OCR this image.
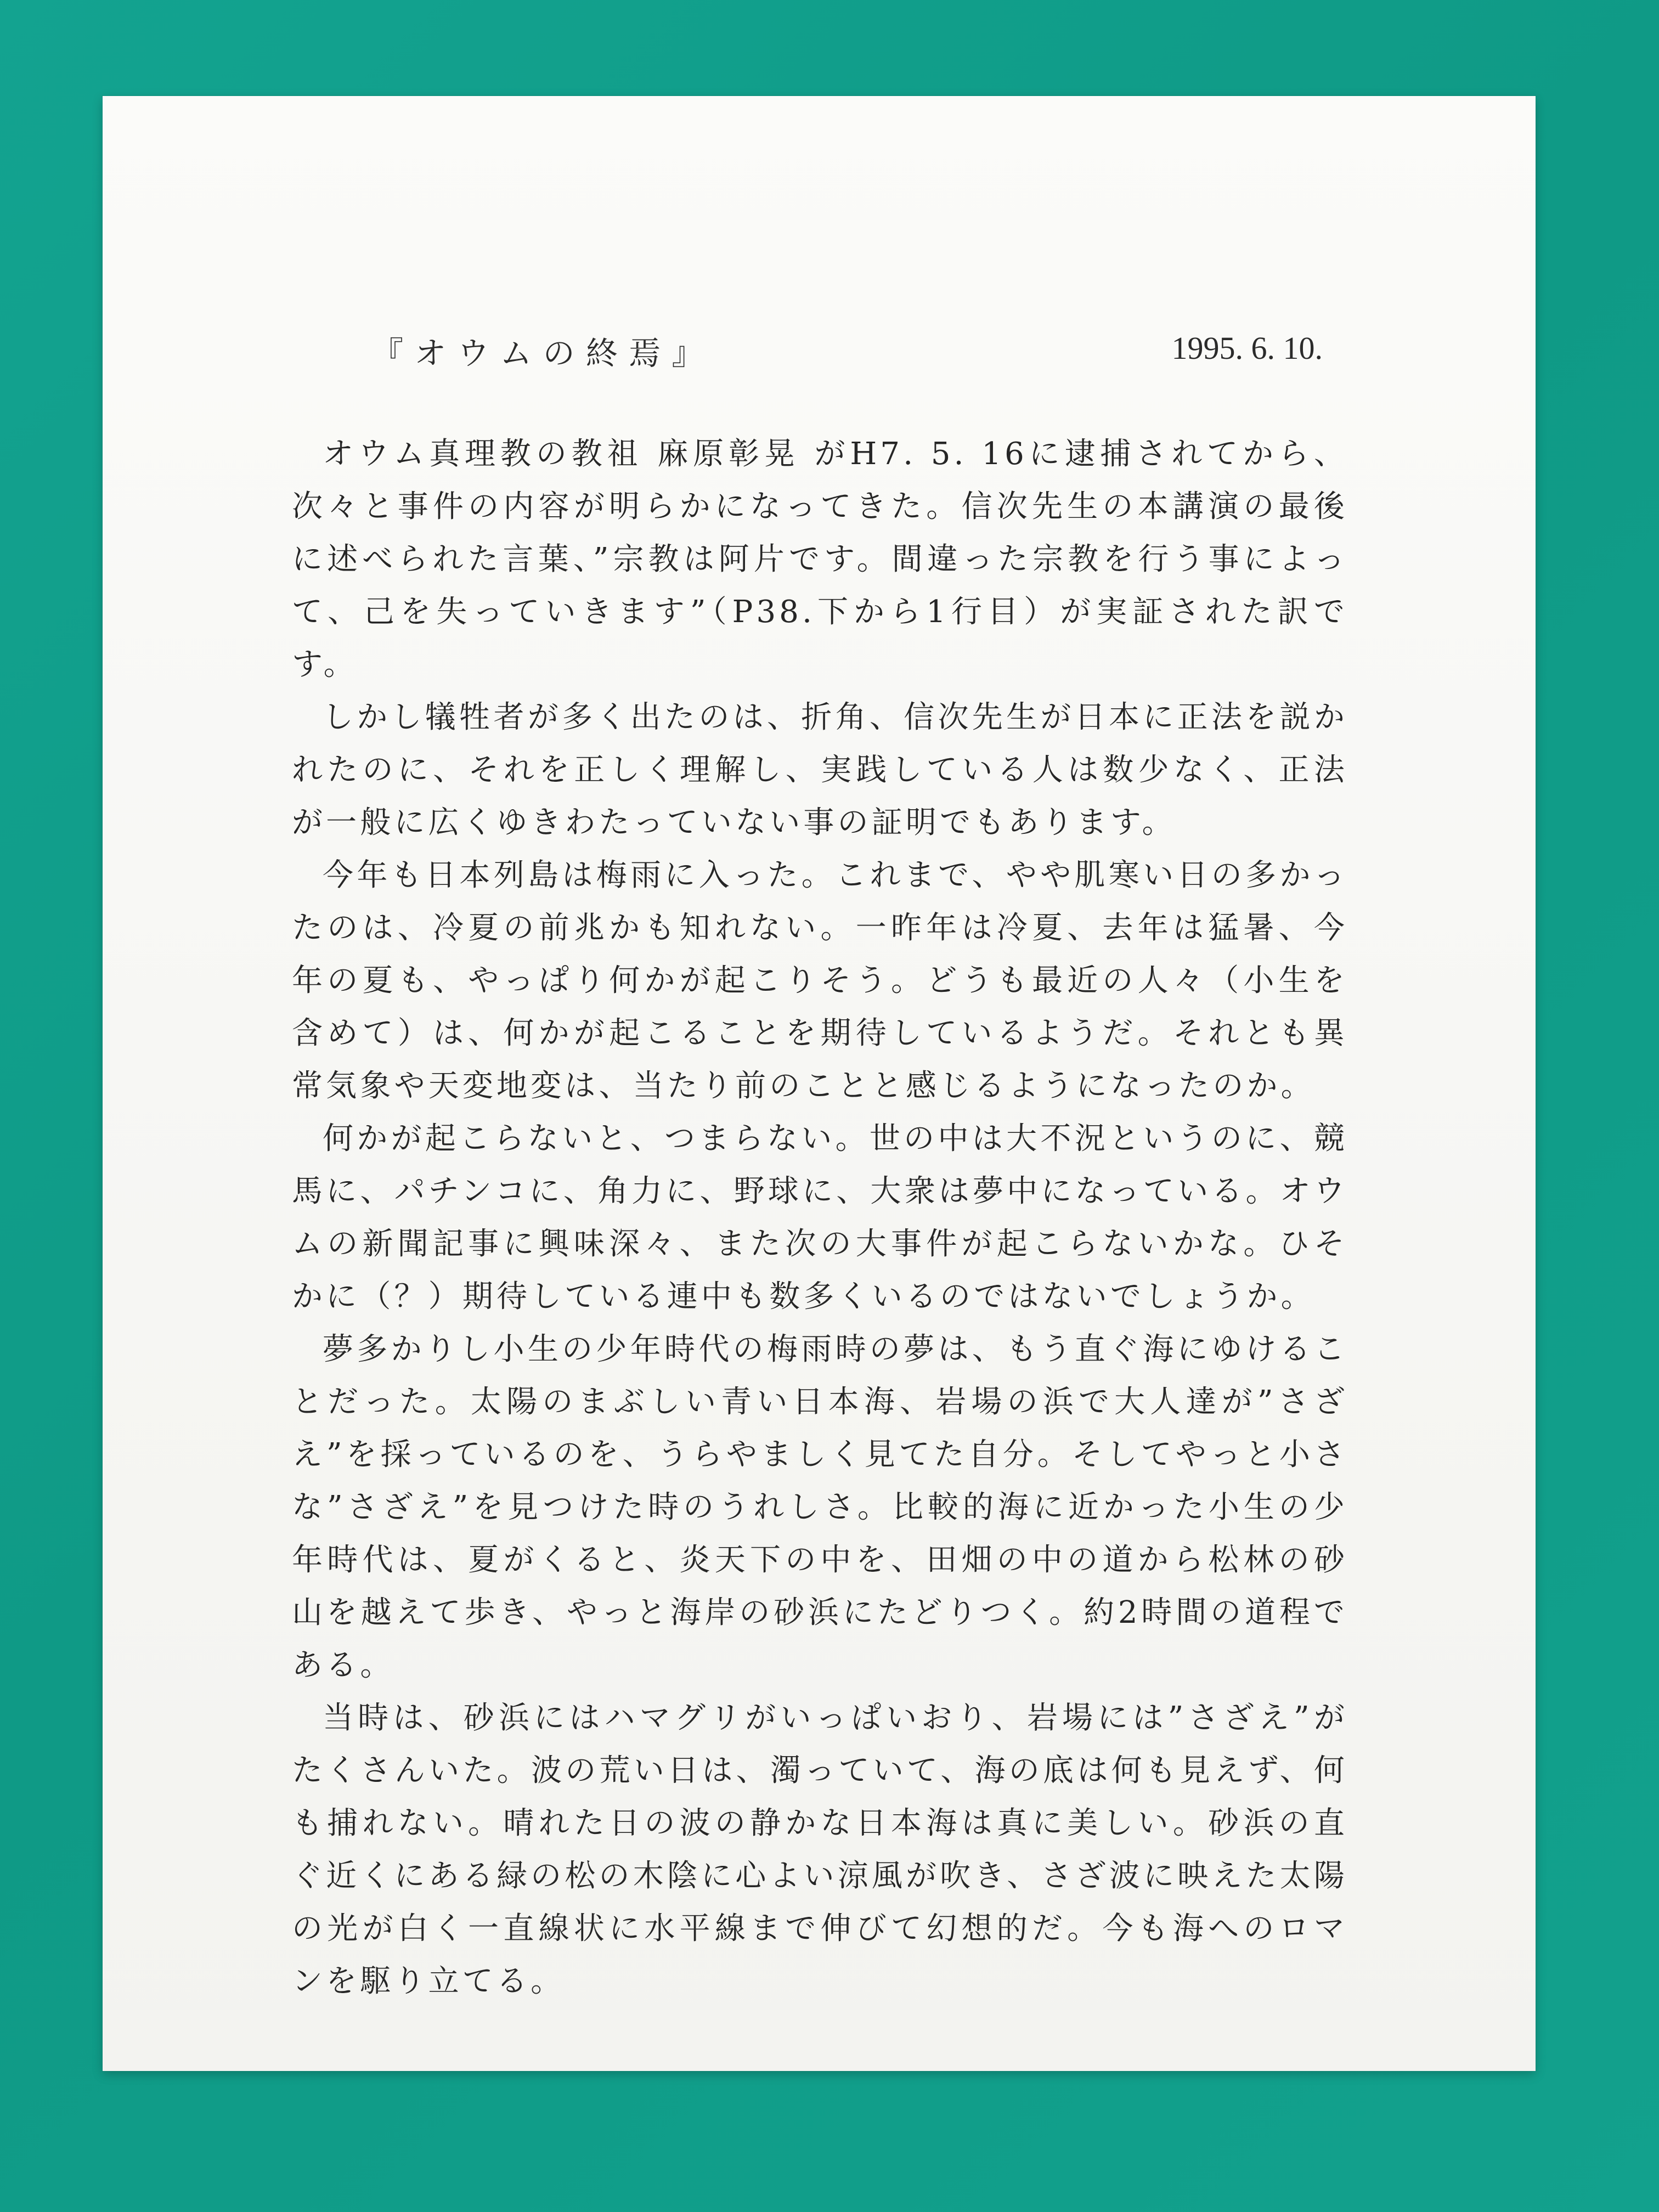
『オウムの終焉』	1995. 6. 10.

オウム真理教の教祖 麻原彰晃 がH7. 5. 16に逮捕されてから、次々と事件の内容が明らかになってきた。信次先生の本講演の最後に述べられた言葉、”宗教は阿片です。間違った宗教を行う事によって、己を失っていきます”（P38.下から1行目）が実証された訳です。

しかし犠牲者が多く出たのは、折角、信次先生が日本に正法を説かれたのに、それを正しく理解し、実践している人は数少なく、正法が一般に広くゆきわたっていない事の証明でもあります。

今年も日本列島は梅雨に入った。これまで、やや肌寒い日の多かったのは、冷夏の前兆かも知れない。一昨年は冷夏、去年は猛暑、今年の夏も、やっぱり何かが起こりそう。どうも最近の人々（小生を含めて）は、何かが起こることを期待しているようだ。それとも異常気象や天変地変は、当たり前のことと感じるようになったのか。

何かが起こらないと、つまらない。世の中は大不況というのに、競馬に、パチンコに、角力に、野球に、大衆は夢中になっている。オウムの新聞記事に興味深々、また次の大事件が起こらないかな。ひそかに（？）期待している連中も数多くいるのではないでしょうか。

夢多かりし小生の少年時代の梅雨時の夢は、もう直ぐ海にゆけることだった。太陽のまぶしい青い日本海、岩場の浜で大人達が”さざえ”を採っているのを、うらやましく見てた自分。そしてやっと小さな”さざえ”を見つけた時のうれしさ。比較的海に近かった小生の少年時代は、夏がくると、炎天下の中を、田畑の中の道から松林の砂山を越えて歩き、やっと海岸の砂浜にたどりつく。約2時間の道程である。

当時は、砂浜にはハマグリがいっぱいおり、岩場には”さざえ”がたくさんいた。波の荒い日は、濁っていて、海の底は何も見えず、何も捕れない。晴れた日の波の静かな日本海は真に美しい。砂浜の直ぐ近くにある緑の松の木陰に心よい涼風が吹き、さざ波に映えた太陽の光が白く一直線状に水平線まで伸びて幻想的だ。今も海へのロマンを駆り立てる。
